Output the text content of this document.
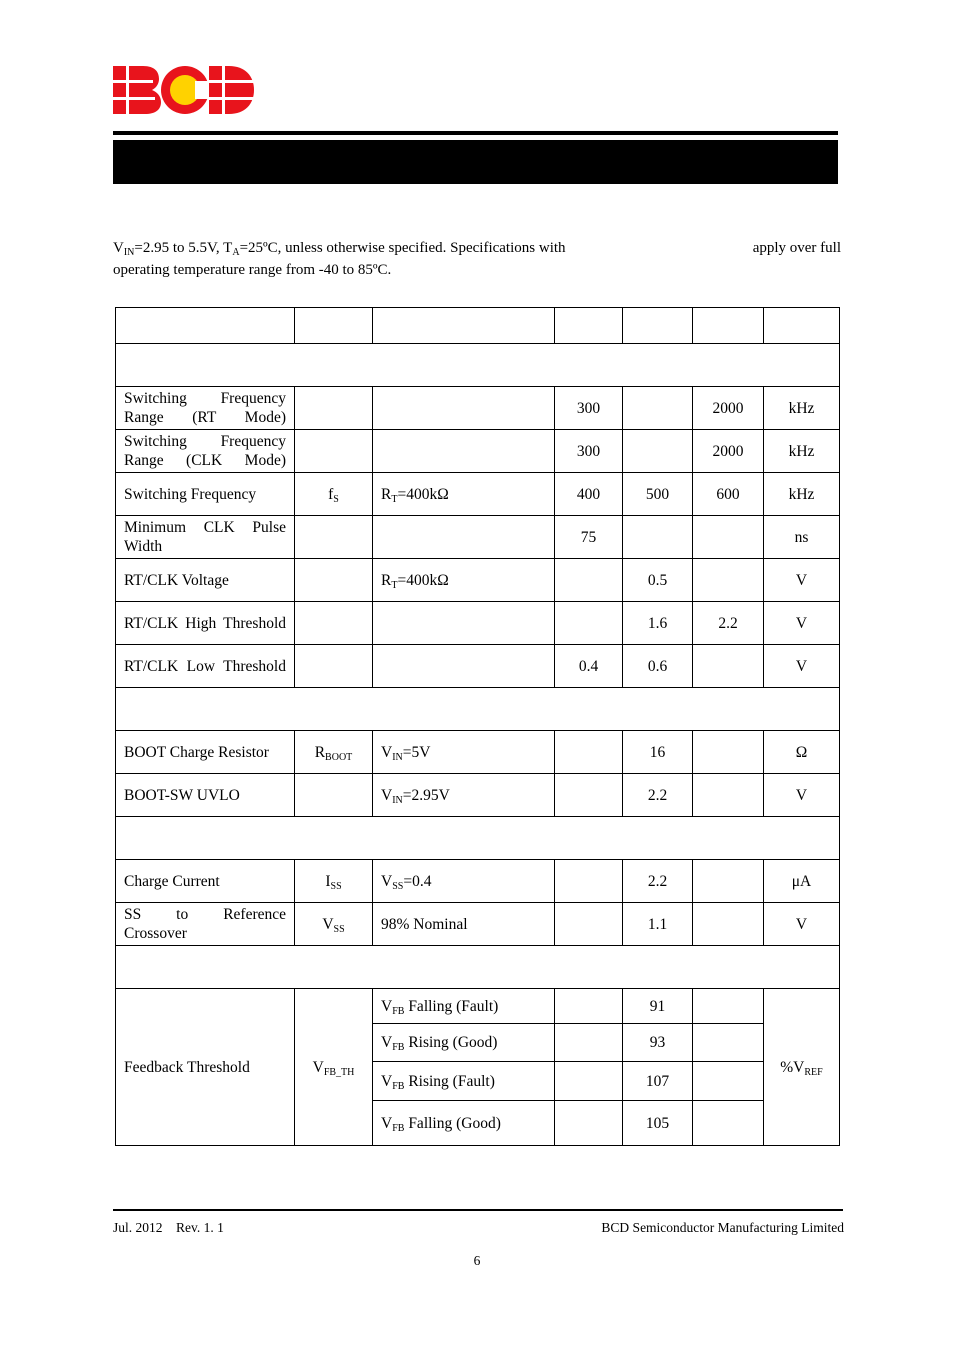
$V_{IN}=2.95$ to 5.5V, $T_A=25ºC$, unless otherwise specified. Specifications with	apply over full
operating temperature range from -40 to 85ºC.

Switching Frequency Range (RT Mode)			300		2000	kHz
Switching Frequency Range (CLK Mode)			300		2000	kHz
Switching Frequency	$f_S$	$R_T=400k\Omega$	400	500	600	kHz
Minimum CLK Pulse Width			75			ns
RT/CLK Voltage		$R_T=400k\Omega$		0.5		V
RT/CLK High Threshold				1.6	2.2	V
RT/CLK Low Threshold			0.4	0.6		V

BOOT Charge Resistor	$R_{BOOT}$	$V_{IN}=5V$		16		Ω
BOOT-SW UVLO		$V_{IN}=2.95V$		2.2		V

Charge Current	$I_{SS}$	$V_{SS}=0.4$		2.2		μA
SS to Reference Crossover	$V_{SS}$	98% Nominal		1.1		V

Feedback Threshold	$V_{FB\_TH}$	$V_{FB}$ Falling (Fault)		91		$\%V_{REF}$
		$V_{FB}$ Rising (Good)		93		
		$V_{FB}$ Rising (Fault)		107		
		$V_{FB}$ Falling (Good)		105		
Jul. 2012    Rev. 1. 1	BCD Semiconductor Manufacturing Limited
6
